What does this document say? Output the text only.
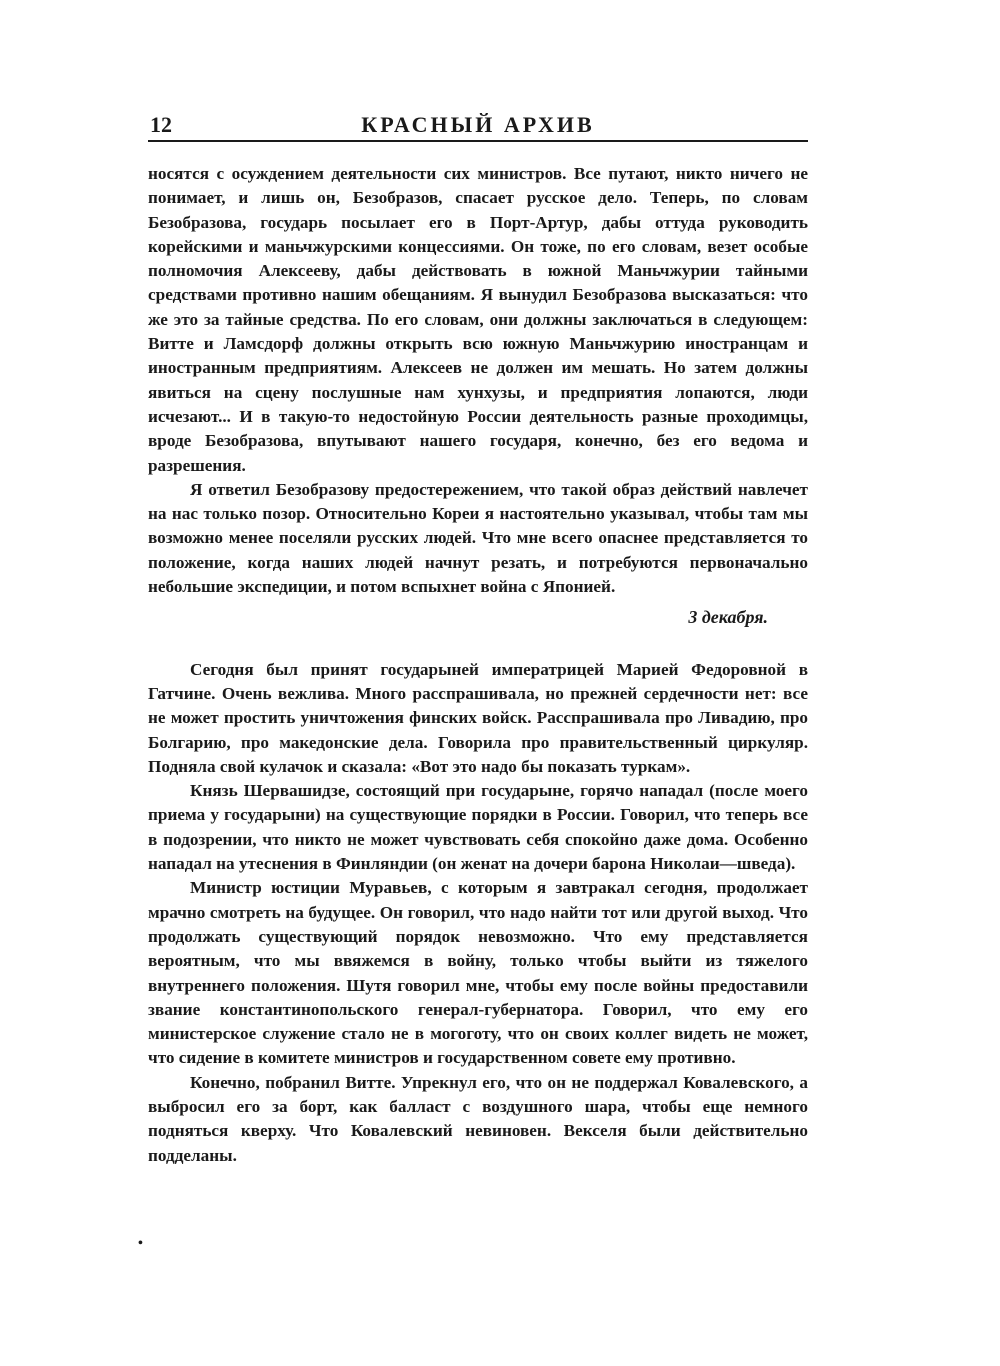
12	КРАСНЫЙ АРХИВ

носятся с осуждением деятельности сих министров. Все путают, никто ничего не понимает, и лишь он, Безобразов, спасает русское дело. Теперь, по словам Безобразова, государь посылает его в Порт-Артур, дабы оттуда руководить корейскими и маньчжурскими концессиями. Он тоже, по его словам, везет особые полномочия Алексееву, дабы действовать в южной Маньчжурии тайными средствами противно нашим обещаниям. Я вынудил Безобразова высказаться: что же это за тайные средства. По его словам, они должны заключаться в следующем: Витте и Ламсдорф должны открыть всю южную Маньчжурию иностранцам и иностранным предприятиям. Алексеев не должен им мешать. Но затем должны явиться на сцену послушные нам хунхузы, и предприятия лопаются, люди исчезают... И в такую-то недостойную России деятельность разные проходимцы, вроде Безобразова, впутывают нашего государя, конечно, без его ведома и разрешения.

Я ответил Безобразову предостережением, что такой образ действий навлечет на нас только позор. Относительно Кореи я настоятельно указывал, чтобы там мы возможно менее поселяли русских людей. Что мне всего опаснее представляется то положение, когда наших людей начнут резать, и потребуются первоначально небольшие экспедиции, и потом вспыхнет война с Японией.

3 декабря.

Сегодня был принят государыней императрицей Марией Федоровной в Гатчине. Очень вежлива. Много расспрашивала, но прежней сердечности нет: все не может простить уничтожения финских войск. Расспрашивала про Ливадию, про Болгарию, про македонские дела. Говорила про правительственный циркуляр. Подняла свой кулачок и сказала: «Вот это надо бы показать туркам».

Князь Шервашидзе, состоящий при государыне, горячо нападал (после моего приема у государыни) на существующие порядки в России. Говорил, что теперь все в подозрении, что никто не может чувствовать себя спокойно даже дома. Особенно нападал на утеснения в Финляндии (он женат на дочери барона Николаи—шведа).

Министр юстиции Муравьев, с которым я завтракал сегодня, продолжает мрачно смотреть на будущее. Он говорил, что надо найти тот или другой выход. Что продолжать существующий порядок невозможно. Что ему представляется вероятным, что мы ввяжемся в войну, только чтобы выйти из тяжелого внутреннего положения. Шутя говорил мне, чтобы ему после войны предоставили звание константинопольского генерал-губернатора. Говорил, что ему его министерское служение стало не в могоготу, что он своих коллег видеть не может, что сидение в комитете министров и государственном совете ему противно.

Конечно, побранил Витте. Упрекнул его, что он не поддержал Ковалевского, а выбросил его за борт, как балласт с воздушного шара, чтобы еще немного подняться кверху. Что Ковалевский невиновен. Векселя были действительно подделаны.

•
